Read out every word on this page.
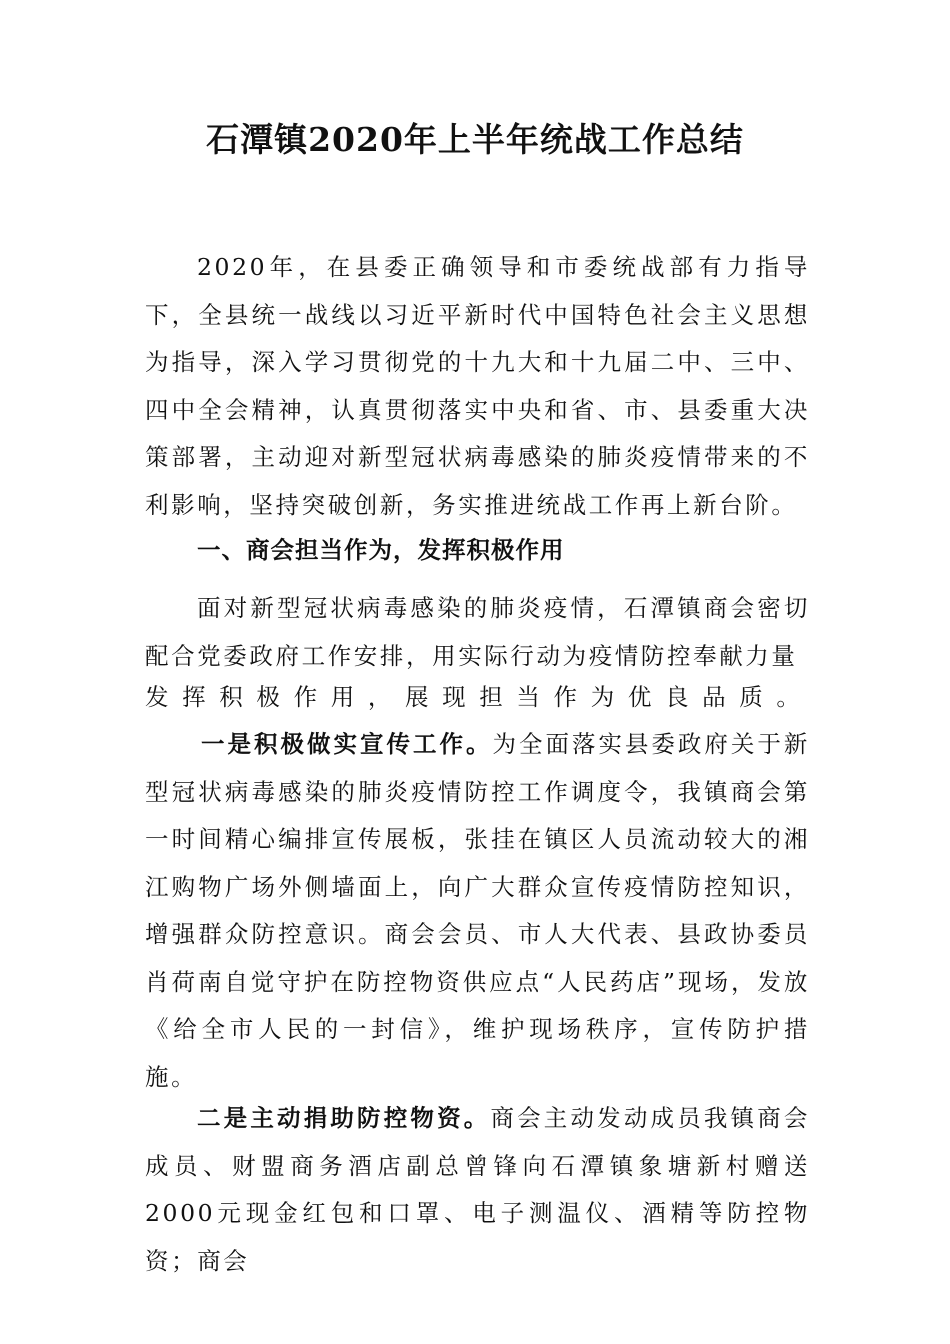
石潭镇2020年上半年统战工作总结

2020年，在县委正确领导和市委统战部有力指导下，全县统一战线以习近平新时代中国特色社会主义思想为指导，深入学习贯彻党的十九大和十九届二中、三中、四中全会精神，认真贯彻落实中央和省、市、县委重大决策部署，主动迎对新型冠状病毒感染的肺炎疫情带来的不利影响，坚持突破创新，务实推进统战工作再上新台阶。

一、商会担当作为，发挥积极作用

面对新型冠状病毒感染的肺炎疫情，石潭镇商会密切配合党委政府工作安排，用实际行动为疫情防控奉献力量

发 挥 积 极 作 用 ， 展 现 担 当 作 为 优 良 品 质 。

一是积极做实宣传工作。为全面落实县委政府关于新型冠状病毒感染的肺炎疫情防控工作调度令，我镇商会第一时间精心编排宣传展板，张挂在镇区人员流动较大的湘江购物广场外侧墙面上，向广大群众宣传疫情防控知识，增强群众防控意识。商会会员、市人大代表、县政协委员肖荷南自觉守护在防控物资供应点“人民药店”现场，发放《给全市人民的一封信》，维护现场秩序，宣传防护措施。

二是主动捐助防控物资。商会主动发动成员我镇商会成员、财盟商务酒店副总曾锋向石潭镇象塘新村赠送2000元现金红包和口罩、电子测温仪、酒精等防控物资；商会
